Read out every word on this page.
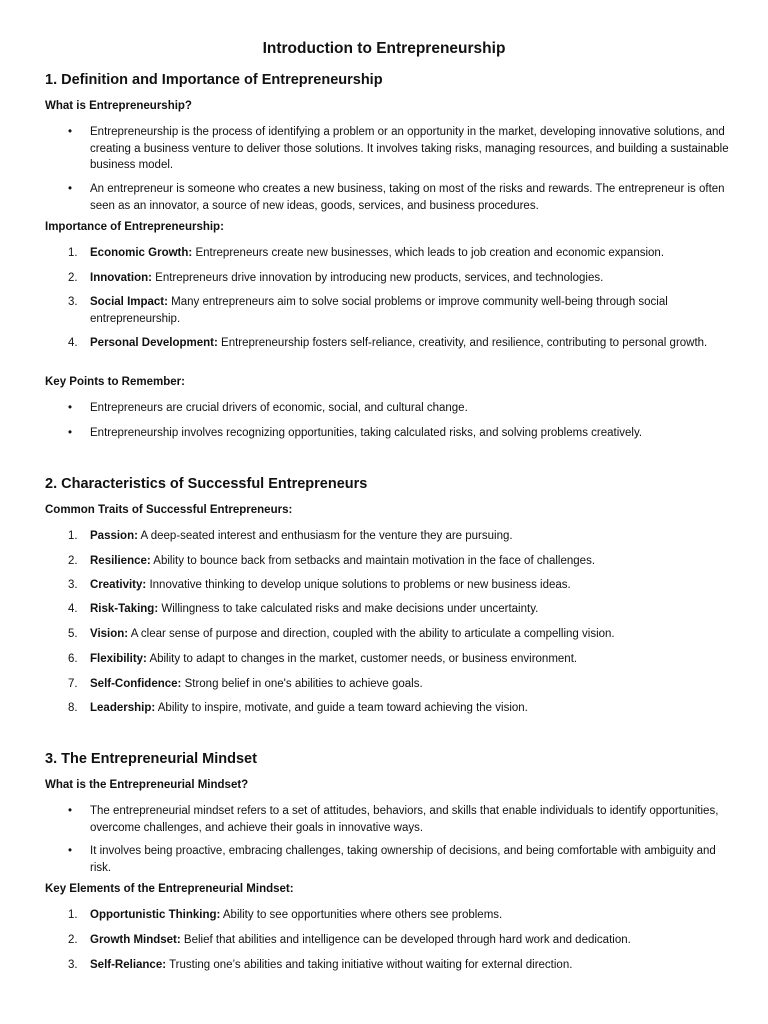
Introduction to Entrepreneurship
1. Definition and Importance of Entrepreneurship
What is Entrepreneurship?
• Entrepreneurship is the process of identifying a problem or an opportunity in the market, developing innovative solutions, and creating a business venture to deliver those solutions. It involves taking risks, managing resources, and building a sustainable business model.
• An entrepreneur is someone who creates a new business, taking on most of the risks and rewards. The entrepreneur is often seen as an innovator, a source of new ideas, goods, services, and business procedures.
Importance of Entrepreneurship:
1. Economic Growth: Entrepreneurs create new businesses, which leads to job creation and economic expansion.
2. Innovation: Entrepreneurs drive innovation by introducing new products, services, and technologies.
3. Social Impact: Many entrepreneurs aim to solve social problems or improve community well-being through social entrepreneurship.
4. Personal Development: Entrepreneurship fosters self-reliance, creativity, and resilience, contributing to personal growth.
Key Points to Remember:
• Entrepreneurs are crucial drivers of economic, social, and cultural change.
• Entrepreneurship involves recognizing opportunities, taking calculated risks, and solving problems creatively.
2. Characteristics of Successful Entrepreneurs
Common Traits of Successful Entrepreneurs:
1. Passion: A deep-seated interest and enthusiasm for the venture they are pursuing.
2. Resilience: Ability to bounce back from setbacks and maintain motivation in the face of challenges.
3. Creativity: Innovative thinking to develop unique solutions to problems or new business ideas.
4. Risk-Taking: Willingness to take calculated risks and make decisions under uncertainty.
5. Vision: A clear sense of purpose and direction, coupled with the ability to articulate a compelling vision.
6. Flexibility: Ability to adapt to changes in the market, customer needs, or business environment.
7. Self-Confidence: Strong belief in one's abilities to achieve goals.
8. Leadership: Ability to inspire, motivate, and guide a team toward achieving the vision.
3. The Entrepreneurial Mindset
What is the Entrepreneurial Mindset?
• The entrepreneurial mindset refers to a set of attitudes, behaviors, and skills that enable individuals to identify opportunities, overcome challenges, and achieve their goals in innovative ways.
• It involves being proactive, embracing challenges, taking ownership of decisions, and being comfortable with ambiguity and risk.
Key Elements of the Entrepreneurial Mindset:
1. Opportunistic Thinking: Ability to see opportunities where others see problems.
2. Growth Mindset: Belief that abilities and intelligence can be developed through hard work and dedication.
3. Self-Reliance: Trusting one’s abilities and taking initiative without waiting for external direction.
